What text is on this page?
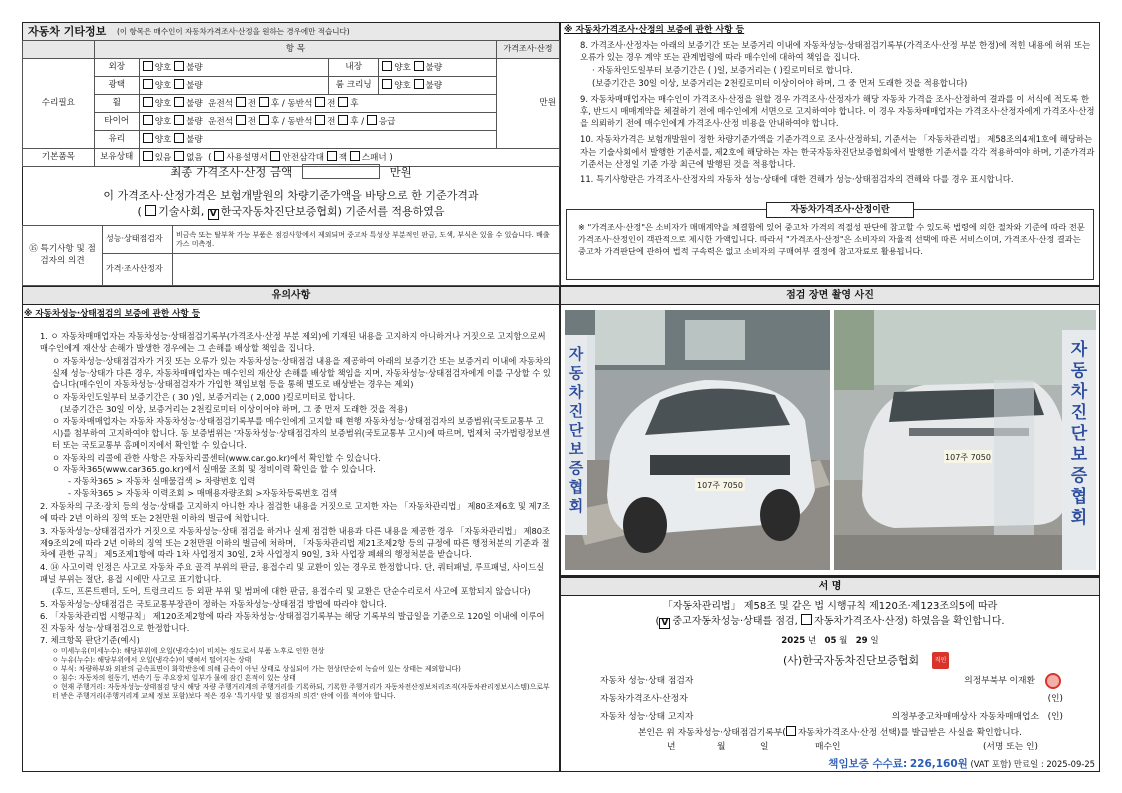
자동차 기타정보 (이 항목은 매수인이 자동차가격조사·산정을 원하는 경우에만 적습니다)
	항 목				가격조사·산정
수리필요	외장	양호 불량	내장	양호 불량	만원
	광택	양호 불량	룸 크리닝	양호 불량	
	휠	양호 불량 운전석 전 후 / 동반석 전 후			
	타이어	양호 불량 운전석 전 후 / 동반석 전 후 / 응급			
	유리	양호 불량			
기본품목	보유상태	있음 없음  ( 사용설명서 안전삼각대 잭 스패너 )			
최종 가격조사·산정 금액	만원
이 가격조사·산정가격은 보험개발원의 차량기준가액을 바탕으로 한 기준가격과
( 기술사회, V 한국자동차진단보증협회) 기준서를 적용하였음
⑮ 특기사항 및 점검자의 의견	성능·상태점검자	비금속 또는 탈부착 가능 부품은 점검사항에서 제외되며 중고차 특성상 부분적인 판금, 도색, 부식은 있을 수 있습니다. 배출가스 미측정.
	가격·조사산정자	
※ 자동차가격조사·산정의 보증에 관한 사항 등
8. 가격조사·산정자는 아래의 보증기간 또는 보증거리 이내에 자동차성능·상태점검기록부(가격조사·산정 부분 한정)에 적힌 내용에 허위 또는 오류가 있는 경우 계약 또는 관계법령에 따라 매수인에 대하여 책임을 집니다.
· 자동차인도일부터 보증기간은 ( )일, 보증거리는 ( )킬로미터로 합니다.
(보증기간은 30일 이상, 보증거리는 2천킬로미터 이상이어야 하며, 그 중 먼저 도래한 것을 적용합니다)
9. 자동차매매업자는 매수인이 가격조사·산정을 원할 경우 가격조사·산정자가 해당 자동차 가격을 조사·산정하여 결과를 이 서식에 적도록 한 후, 반드시 매매계약을 체결하기 전에 매수인에게 서면으로 고지하여야 합니다. 이 경우 자동차매매업자는 가격조사·산정자에게 가격조사·산정을 의뢰하기 전에 매수인에게 가격조사·산정 비용을 안내하여야 합니다.
10. 자동차가격은 보험개발원이 정한 차량기준가액을 기준가격으로 조사·산정하되, 기준서는 「자동차관리법」 제58조의4제1호에 해당하는 자는 기술사회에서 발행한 기준서를, 제2호에 해당하는 자는 한국자동차진단보증협회에서 발행한 기준서를 각각 적용하여야 하며, 기준가격과 기준서는 산정일 기준 가장 최근에 발행된 것을 적용합니다.
11. 특기사항란은 가격조사·산정자의 자동차 성능·상태에 대한 견해가 성능·상태점검자의 견해와 다를 경우 표시합니다.
자동차가격조사·산정이란
※ "가격조사·산정"은 소비자가 매매계약을 체결함에 있어 중고차 가격의 적절성 판단에 참고할 수 있도록 법령에 의한 절차와 기준에 따라 전문 가격조사·산정인이 객관적으로 제시한 가액입니다. 따라서 "가격조사·산정"은 소비자의 자율적 선택에 따른 서비스이며, 가격조사·산정 결과는 중고차 가격판단에 관하여 법적 구속력은 없고 소비자의 구매여부 결정에 참고자료로 활용됩니다.
유의사항
※ 자동차성능·상태점검의 보증에 관한 사항 등
1. ㅇ 자동차매매업자는 자동차성능·상태점검기록부(가격조사·산정 부분 제외)에 기재된 내용을 고지하지 아니하거나 거짓으로 고지함으로써 매수인에게 재산상 손해가 발생한 경우에는 그 손해를 배상할 책임을 집니다.
ㅇ 자동차성능·상태점검자가 거짓 또는 오류가 있는 자동차성능·상태점검 내용을 제공하여 아래의 보증기간 또는 보증거리 이내에 자동차의 실제 성능·상태가 다른 경우, 자동차매매업자는 매수인의 재산상 손해를 배상할 책임을 지며, 자동차성능·상태점검자에게 이를 구상할 수 있습니다(매수인이 자동차성능·상태점검자가 가입한 책임보험 등을 통해 별도로 배상받는 경우는 제외)
ㅇ 자동차인도일부터 보증기간은 ( 30 )일, 보증거리는 ( 2,000 )킬로미터로 합니다.
(보증기간은 30일 이상, 보증거리는 2천킬로미터 이상이어야 하며, 그 중 먼저 도래한 것을 적용)
ㅇ 자동차매매업자는 자동차 자동차성능·상태점검기록부를 매수인에게 고지할 때 현행 자동차성능·상태점검자의 보증범위(국토교통부 고시)를 첨부하여 고지하여야 합니다. 동 보증범위는 '자동차성능·상태점검자의 보증범위(국토교통부 고시)에 따르며, 법제처 국가법령정보센터 또는 국토교통부 홈페이지에서 확인할 수 있습니다.
ㅇ 자동차의 리콜에 관한 사항은 자동차리콜센터(www.car.go.kr)에서 확인할 수 있습니다.
ㅇ 자동차365(www.car365.go.kr)에서 실매물 조회 및 정비이력 확인을 할 수 있습니다.
- 자동차365 > 자동차 실매물검색 > 차량번호 입력
- 자동차365 > 자동차 이력조회 > 매매용자량조회 >자동차등록번호 검색
2. 자동차의 구조·장치 등의 성능·상태를 고지하지 아니한 자나 점검한 내용을 거짓으로 고지한 자는 「자동차관리법」 제80조제6호 및 제7조에 따라 2년 이하의 징역 또는 2천만원 이하의 벌금에 처합니다.
3. 자동차성능·상태점검자가 거짓으로 자동차성능·상태 점검을 하거나 실제 점검한 내용과 다른 내용을 제공한 경우 「자동차관리법」 제80조제9조의2에 따라 2년 이하의 징역 또는 2천만원 이하의 벌금에 처하며, 「자동차관리법 제21조제2항 등의 규정에 따른 행정처분의 기준과 절차에 관한 규칙」 제5조제1항에 따라 1차 사업정지 30일, 2차 사업정지 90일, 3차 사업장 폐쇄의 행정처분을 받습니다.
4. ⑭ 사고이력 인정은 사고로 자동차 주요 골격 부위의 판금, 용접수리 및 교환이 있는 경우로 한정합니다. 단, 쿼터패널, 루프패널, 사이드실패널 부위는 절단, 용접 시에만 사고로 표기합니다.
(후드, 프론트펜더, 도어, 트렁크리드 등 외판 부위 및 범퍼에 대한 판금, 용접수리 및 교환은 단순수리로서 사고에 포함되지 않습니다)
5. 자동차성능·상태점검은 국토교통부장관이 정하는 자동차성능·상태점검 방법에 따라야 합니다.
6. 「자동차관리법 시행규칙」 제120조제2항에 따라 자동차성능·상태점검기록부는 해당 기록부의 발급일을 기준으로 120일 이내에 이루어진 자동차 성능·상태점검으로 한정합니다.
7. 체크항목 판단기준(예시)
ㅇ 미세누유(미세누수): 해당부위에 오일(냉각수)이 비치는 정도로서 부품 노후로 인한 현상
ㅇ 누유(누수): 해당부위에서 오일(냉각수)이 맺혀서 떨어지는 상태
ㅇ 부식: 차량하부와 외판의 금속표면이 화학반응에 의해 금속이 아닌 상태로 상실되어 가는 현상(단순히 녹슬어 있는 상태는 제외합니다)
ㅇ 침수: 자동차의 원동기, 변속기 등 주요장치 일부가 물에 잠긴 흔적이 있는 상태
ㅇ 현재 주행거리: 자동차성능·상태점검 당시 해당 자량 주행거리계의 주행거리를 기록하되, 기록한 주행거리가 자동차전산정보처리조직(자동차관리정보시스템)으로부터 받은 주행거리(주행거리계 교체 정보 포함)보다 적은 경우 '특기사항 및 점검자의 의견' 란에 이를 적어야 합니다.
점검 장면 촬영 사진
107주 7050
자동차진단보증협회
107주 7050
자동차진단보증협회
서 명
「자동차관리법」 제58조 및 같은 법 시행규칙 제120조·제123조의5에 따라
( V 중고자동차성능·상태를 점검, 자동차가격조사·산정) 하였음을 확인합니다.
2025 년 05 월 29 일
(사)한국자동차진단보증협회	직인
자동차 성능·상태 점검자	의정부북부 이재환
자동차가격조사·산정자	(인)
자동차 성능·상태 고지자	의정부중고차매매상사 자동차매매업소 (인)
본인은 위 자동차성능·상태점검기록부( 자동차가격조사·산정 선택)를 발급받은 사실을 확인합니다.
년	월	일	매수인	(서명 또는 인)
책임보증 수수료: 226,160원 (VAT 포함) 만료일 : 2025-09-25
